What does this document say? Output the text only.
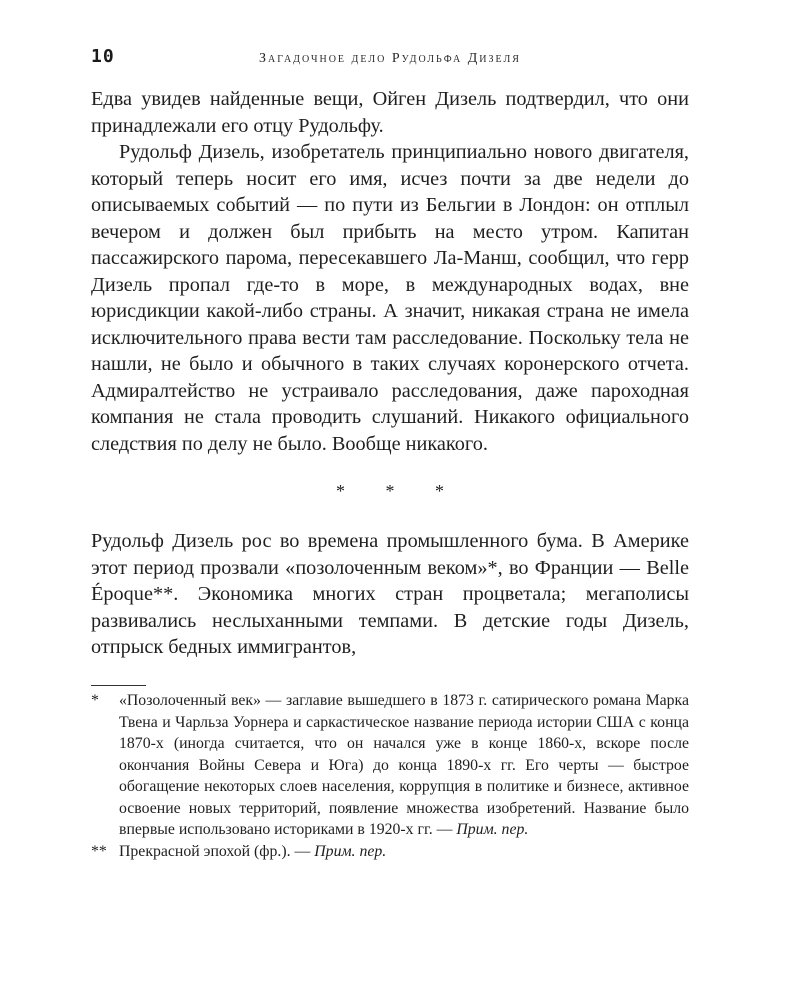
10	Загадочное дело Рудольфа Дизеля

Едва увидев найденные вещи, Ойген Дизель подтвердил, что они принадлежали его отцу Рудольфу.

Рудольф Дизель, изобретатель принципиально нового двигателя, который теперь носит его имя, исчез почти за две недели до описываемых событий — по пути из Бельгии в Лондон: он отплыл вечером и должен был прибыть на место утром. Капитан пассажирского парома, пересекавшего Ла-Манш, сообщил, что герр Дизель пропал где-то в море, в международных водах, вне юрисдикции какой-либо страны. А значит, никакая страна не имела исключительного права вести там расследование. Поскольку тела не нашли, не было и обычного в таких случаях коронерского отчета. Адмиралтейство не устраивало расследования, даже пароходная компания не стала проводить слушаний. Никакого официального следствия по делу не было. Вообще никакого.

* * *

Рудольф Дизель рос во времена промышленного бума. В Америке этот период прозвали «позолоченным веком»*, во Франции — Belle Époque**. Экономика многих стран процветала; мегаполисы развивались неслыханными темпами. В детские годы Дизель, отпрыск бедных иммигрантов,

*	«Позолоченный век» — заглавие вышедшего в 1873 г. сатирического романа Марка Твена и Чарльза Уорнера и саркастическое название периода истории США с конца 1870-х (иногда считается, что он начался уже в конце 1860-х, вскоре после окончания Войны Севера и Юга) до конца 1890-х гг. Его черты — быстрое обогащение некоторых слоев населения, коррупция в политике и бизнесе, активное освоение новых территорий, появление множества изобретений. Название было впервые использовано историками в 1920-х гг. — Прим. пер.
** Прекрасной эпохой (фр.). — Прим. пер.
